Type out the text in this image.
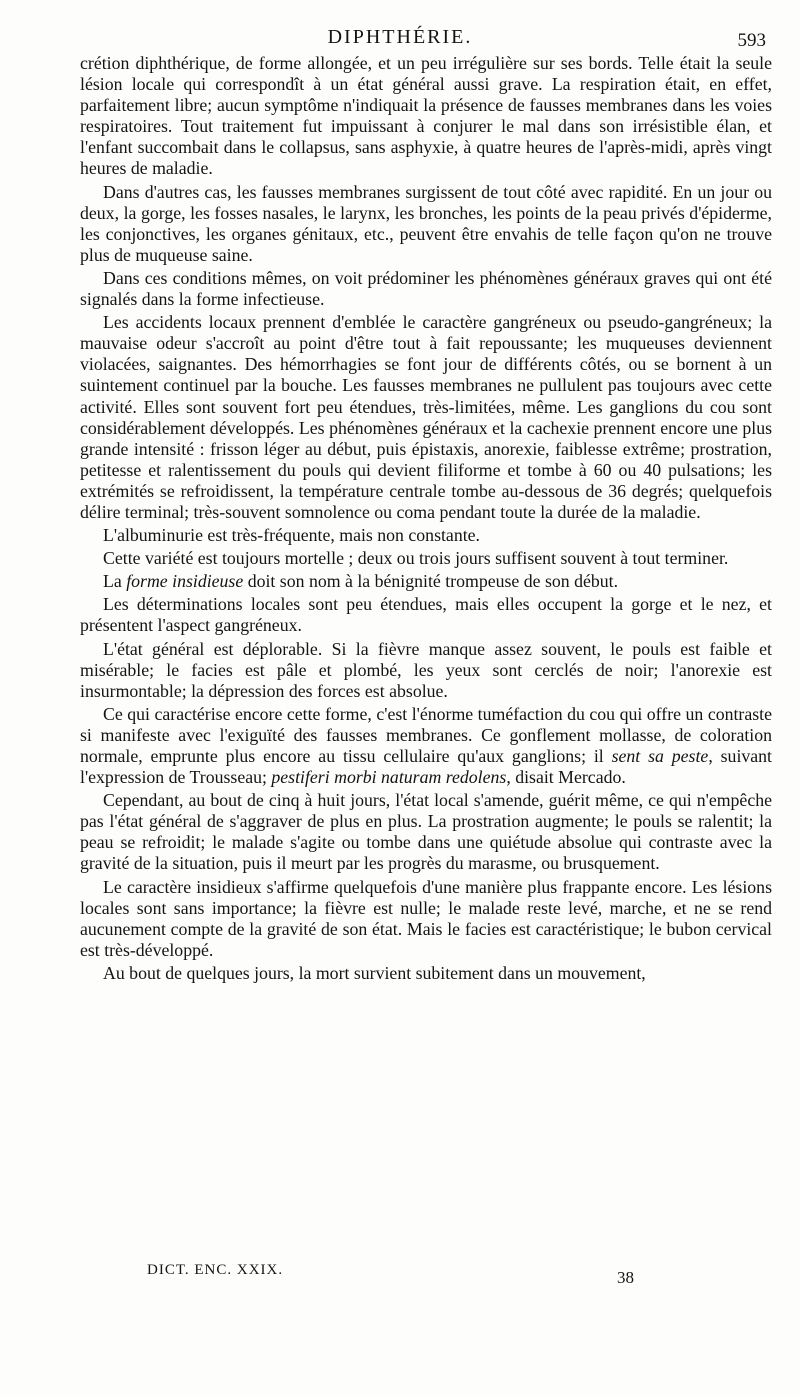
DIPHTHÉRIE.	593

crétion diphthérique, de forme allongée, et un peu irrégulière sur ses bords. Telle était la seule lésion locale qui correspondît à un état général aussi grave. La respiration était, en effet, parfaitement libre; aucun symptôme n'indiquait la présence de fausses membranes dans les voies respiratoires. Tout traitement fut impuissant à conjurer le mal dans son irrésistible élan, et l'enfant succombait dans le collapsus, sans asphyxie, à quatre heures de l'après-midi, après vingt heures de maladie.

Dans d'autres cas, les fausses membranes surgissent de tout côté avec rapidité. En un jour ou deux, la gorge, les fosses nasales, le larynx, les bronches, les points de la peau privés d'épiderme, les conjonctives, les organes génitaux, etc., peuvent être envahis de telle façon qu'on ne trouve plus de muqueuse saine.

Dans ces conditions mêmes, on voit prédominer les phénomènes généraux graves qui ont été signalés dans la forme infectieuse.

Les accidents locaux prennent d'emblée le caractère gangréneux ou pseudo-gangréneux; la mauvaise odeur s'accroît au point d'être tout à fait repoussante; les muqueuses deviennent violacées, saignantes. Des hémorrhagies se font jour de différents côtés, ou se bornent à un suintement continuel par la bouche. Les fausses membranes ne pullulent pas toujours avec cette activité. Elles sont souvent fort peu étendues, très-limitées, même. Les ganglions du cou sont considérablement développés. Les phénomènes généraux et la cachexie prennent encore une plus grande intensité : frisson léger au début, puis épistaxis, anorexie, faiblesse extrême; prostration, petitesse et ralentissement du pouls qui devient filiforme et tombe à 60 ou 40 pulsations; les extrémités se refroidissent, la température centrale tombe au-dessous de 36 degrés; quelquefois délire terminal; très-souvent somnolence ou coma pendant toute la durée de la maladie.

L'albuminurie est très-fréquente, mais non constante.

Cette variété est toujours mortelle ; deux ou trois jours suffisent souvent à tout terminer.

La forme insidieuse doit son nom à la bénignité trompeuse de son début.

Les déterminations locales sont peu étendues, mais elles occupent la gorge et le nez, et présentent l'aspect gangréneux.

L'état général est déplorable. Si la fièvre manque assez souvent, le pouls est faible et misérable; le facies est pâle et plombé, les yeux sont cerclés de noir; l'anorexie est insurmontable; la dépression des forces est absolue.

Ce qui caractérise encore cette forme, c'est l'énorme tuméfaction du cou qui offre un contraste si manifeste avec l'exiguïté des fausses membranes. Ce gonflement mollasse, de coloration normale, emprunte plus encore au tissu cellulaire qu'aux ganglions; il sent sa peste, suivant l'expression de Trousseau; pestiferi morbi naturam redolens, disait Mercado.

Cependant, au bout de cinq à huit jours, l'état local s'amende, guérit même, ce qui n'empêche pas l'état général de s'aggraver de plus en plus. La prostration augmente; le pouls se ralentit; la peau se refroidit; le malade s'agite ou tombe dans une quiétude absolue qui contraste avec la gravité de la situation, puis il meurt par les progrès du marasme, ou brusquement.

Le caractère insidieux s'affirme quelquefois d'une manière plus frappante encore. Les lésions locales sont sans importance; la fièvre est nulle; le malade reste levé, marche, et ne se rend aucunement compte de la gravité de son état. Mais le facies est caractéristique; le bubon cervical est très-développé.

Au bout de quelques jours, la mort survient subitement dans un mouvement,

DICT. ENC. XXIX.	38
